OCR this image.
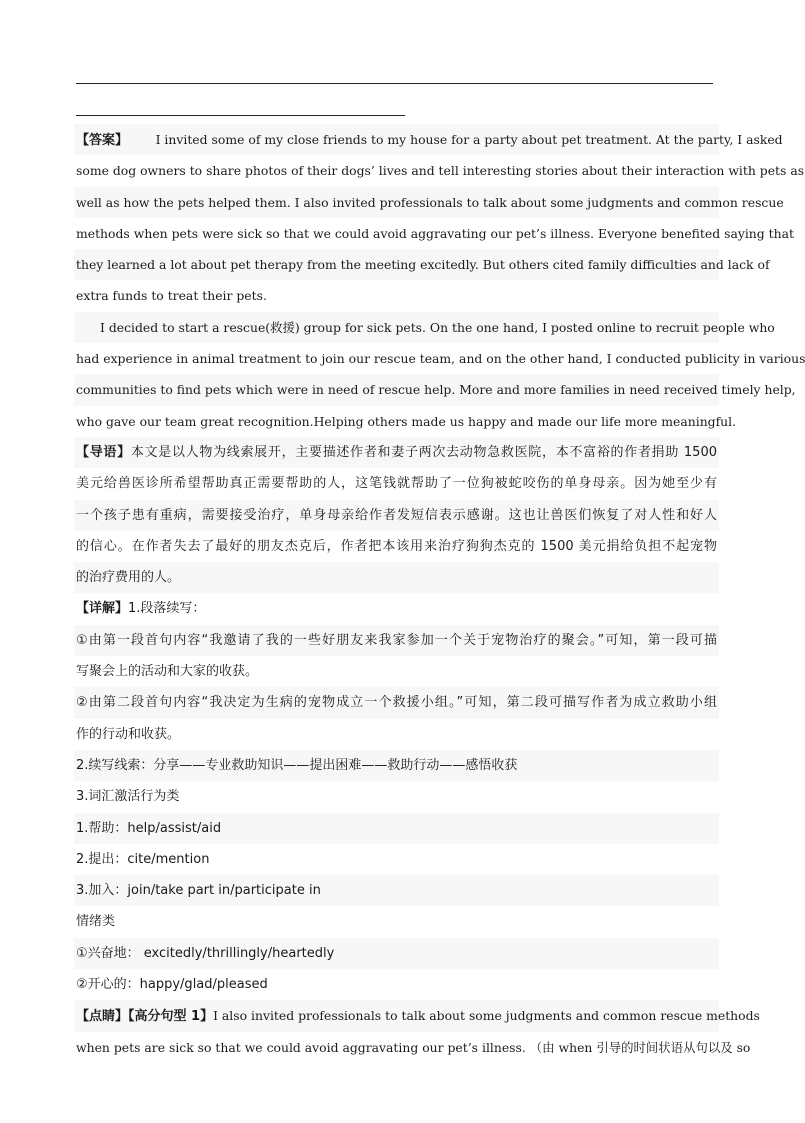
【答案】 I invited some of my close friends to my house for a party about pet treatment. At the party, I asked
some dog owners to share photos of their dogs’ lives and tell interesting stories about their interaction with pets as
well as how the pets helped them. I also invited professionals to talk about some judgments and common rescue
methods when pets were sick so that we could avoid aggravating our pet’s illness. Everyone benefited saying that
they learned a lot about pet therapy from the meeting excitedly. But others cited family difficulties and lack of
extra funds to treat their pets.
I decided to start a rescue(救援) group for sick pets. On the one hand, I posted online to recruit people who
had experience in animal treatment to join our rescue team, and on the other hand, I conducted publicity in various
communities to find pets which were in need of rescue help. More and more families in need received timely help,
who gave our team great recognition.Helping others made us happy and made our life more meaningful.
【导语】本文是以人物为线索展开，主要描述作者和妻子两次去动物急救医院，本不富裕的作者捐助 1500
美元给兽医诊所希望帮助真正需要帮助的人，这笔钱就帮助了一位狗被蛇咬伤的单身母亲。因为她至少有
一个孩子患有重病，需要接受治疗，单身母亲给作者发短信表示感谢。这也让兽医们恢复了对人性和好人
的信心。在作者失去了最好的朋友杰克后，作者把本该用来治疗狗狗杰克的 1500 美元捐给负担不起宠物
的治疗费用的人。
【详解】1.段落续写：
①由第一段首句内容“我邀请了我的一些好朋友来我家参加一个关于宠物治疗的聚会。”可知，第一段可描
写聚会上的活动和大家的收获。
②由第二段首句内容“我决定为生病的宠物成立一个救援小组。”可知，第二段可描写作者为成立救助小组
作的行动和收获。
2.续写线索：分享——专业救助知识——提出困难——救助行动——感悟收获
3.词汇激活行为类
1.帮助：help/assist/aid
2.提出：cite/mention
3.加入：join/take part in/participate in
情绪类
①兴奋地： excitedly/thrillingly/heartedly
②开心的：happy/glad/pleased
【点睛】【高分句型 1】I also invited professionals to talk about some judgments and common rescue methods
when pets are sick so that we could avoid aggravating our pet’s illness. （由 when 引导的时间状语从句以及 so
